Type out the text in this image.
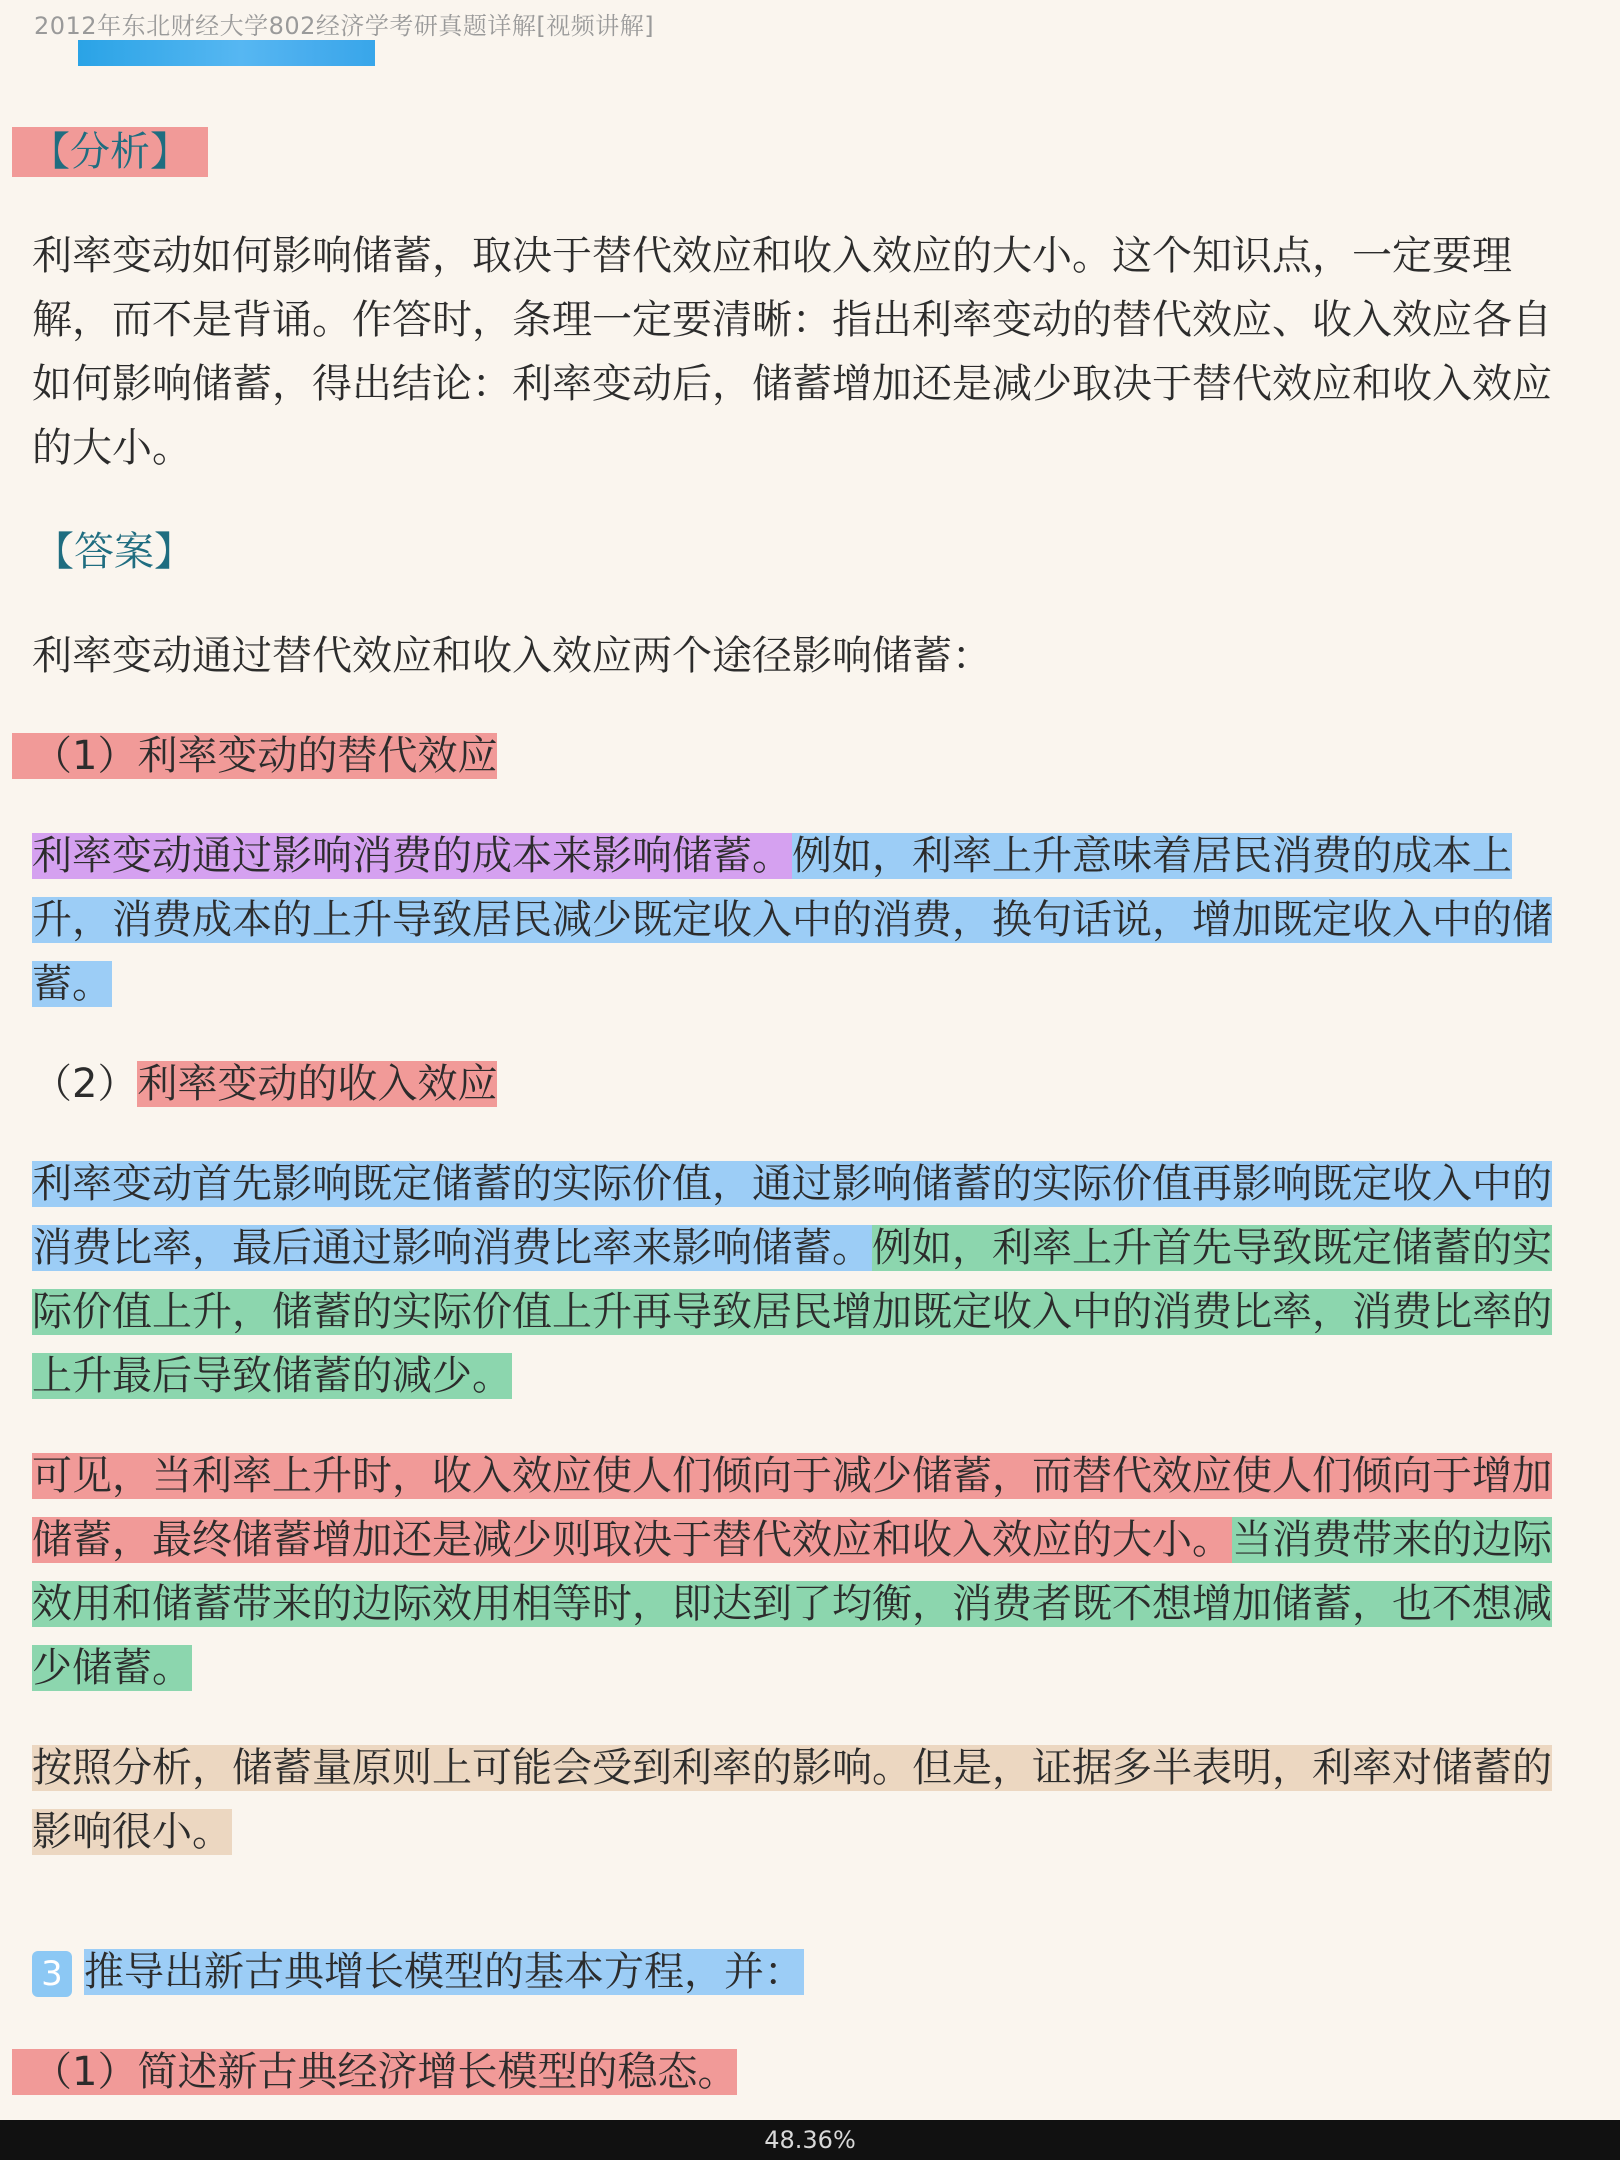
2012年东北财经大学802经济学考研真题详解[视频讲解]
【分析】

利率变动如何影响储蓄，取决于替代效应和收入效应的大小。这个知识点，一定要理解，而不是背诵。作答时，条理一定要清晰：指出利率变动的替代效应、收入效应各自如何影响储蓄，得出结论：利率变动后，储蓄增加还是减少取决于替代效应和收入效应的大小。

【答案】

利率变动通过替代效应和收入效应两个途径影响储蓄：

（1）利率变动的替代效应

利率变动通过影响消费的成本来影响储蓄。例如，利率上升意味着居民消费的成本上升，消费成本的上升导致居民减少既定收入中的消费，换句话说，增加既定收入中的储蓄。

（2）利率变动的收入效应

利率变动首先影响既定储蓄的实际价值，通过影响储蓄的实际价值再影响既定收入中的消费比率，最后通过影响消费比率来影响储蓄。例如，利率上升首先导致既定储蓄的实际价值上升，储蓄的实际价值上升再导致居民增加既定收入中的消费比率，消费比率的上升最后导致储蓄的减少。

可见，当利率上升时，收入效应使人们倾向于减少储蓄，而替代效应使人们倾向于增加储蓄，最终储蓄增加还是减少则取决于替代效应和收入效应的大小。当消费带来的边际效用和储蓄带来的边际效用相等时，即达到了均衡，消费者既不想增加储蓄，也不想减少储蓄。

按照分析，储蓄量原则上可能会受到利率的影响。但是，证据多半表明，利率对储蓄的影响很小。

3 推导出新古典增长模型的基本方程，并：

（1）简述新古典经济增长模型的稳态。

48.36%
